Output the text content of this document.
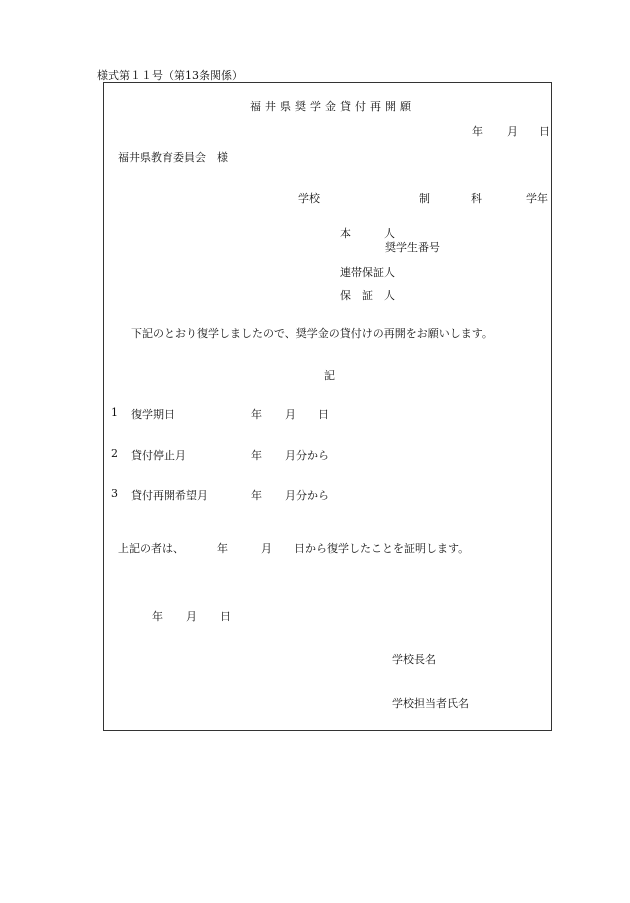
様式第１１号（第13条関係）
福井県奨学金貸付再開願
年 月 日
福井県教育委員会　様
学校	制	科	学年
本　　　人
奨学生番号
連帯保証人
保　証　人
下記のとおり復学しましたので、奨学金の貸付けの再開をお願いします。
記
1 復学期日	年 月 日
2 貸付停止月	年 月分から
3 貸付再開希望月	年 月分から
上記の者は、	年	月 日から復学したことを証明します。
年 月 日
学校長名
学校担当者氏名
